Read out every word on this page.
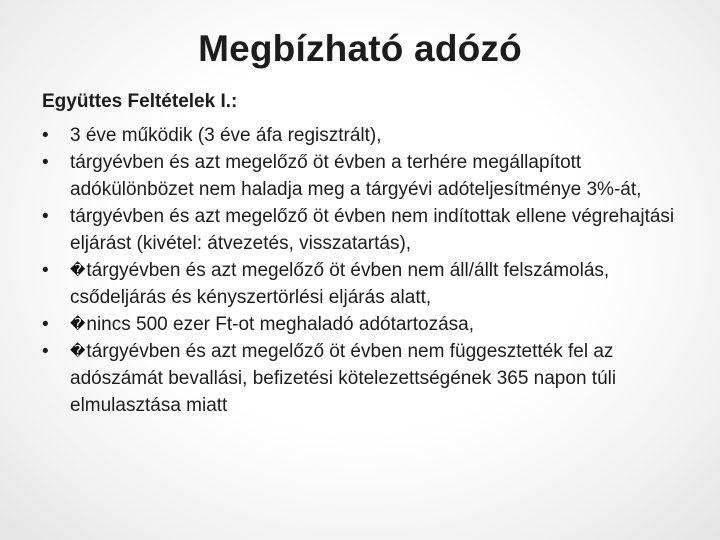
Megbízható adózó
Együttes Feltételek I.:
•	3 éve működik (3 éve áfa regisztrált),
•	tárgyévben és azt megelőző öt évben a terhére megállapított adókülönbözet nem haladja meg a tárgyévi adóteljesítménye 3%-át,
•	tárgyévben és azt megelőző öt évben nem indítottak ellene végrehajtási eljárást (kivétel: átvezetés, visszatartás),
•	�tárgyévben és azt megelőző öt évben nem áll/állt felszámolás, csődeljárás és kényszertörlési eljárás alatt,
•	�nincs 500 ezer Ft-ot meghaladó adótartozása,
•	�tárgyévben és azt megelőző öt évben nem függesztették fel az adószámát bevallási, befizetési kötelezettségének 365 napon túli elmulasztása miatt
